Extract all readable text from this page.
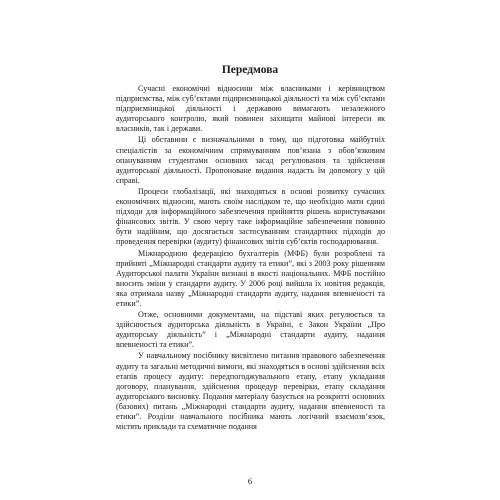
Передмова

Сучасні економічні відносини між власниками і керівництвом підприємства, між суб’єктами підприємницької діяльності та між суб’єктами підприємницької діяльності і державою вимагають незалежного аудиторського контролю, який повинен захищати майнові інтереси як власників, так і держави.

Ці обставини є визначальними в тому, що підготовка майбутніх спеціалістів за економічним спрямуванням пов’язана з обов’язковим опануванням студентами основних засад регулювання та здійснення аудиторської діяльності. Пропоноване видання надасть їм допомогу у цій справі.

Процеси глобалізації, які знаходяться в основі розвитку сучасних економічних відносин, мають своїм наслідком те, що необхідно мати єдині підходи для інформаційного забезпечення прийняття рішень користувачами фінансових звітів. У свою чергу таке інформаційне забезпечення повинно бути надійним, що досягається застосуванням стандартних підходів до проведення перевірки (аудиту) фінансових звітів суб’єктів господарювання.

Міжнародною федерацією бухгалтерів (МФБ) були розроблені та прийняті „Міжнародні стандарти аудиту та етики”, які з 2003 року рішенням Аудиторської палати України визнані в якості національних. МФБ постійно вносить зміни у стандарти аудиту. У 2006 році вийшла їх новітня редакція, яка отримала назву „Міжнародні стандарти аудиту, надання впевненості та етики”.

Отже, основними документами, на підставі яких регулюється та здійснюється аудиторська діяльність в Україні, є Закон України „Про аудиторську діяльність” і „Міжнародні стандарти аудиту, надання впевненості та етики”.

У навчальному посібнику висвітлено питання правового забезпечення аудиту та загальні методичні вимоги, які знаходяться в основі здійснення всіх етапів процесу аудиту: передпогоджувального етапу, етапу укладання договору, планування, здійснення процедур перевірки, етапу складання аудиторського висновку. Подання матеріалу базується на розкритті основних (базових) питань „Міжнародні стандарти аудиту, надання впевненості та етики”. Розділи навчального посібника мають логічний взаємозв’язок, містять приклади та схематичне подання

6
